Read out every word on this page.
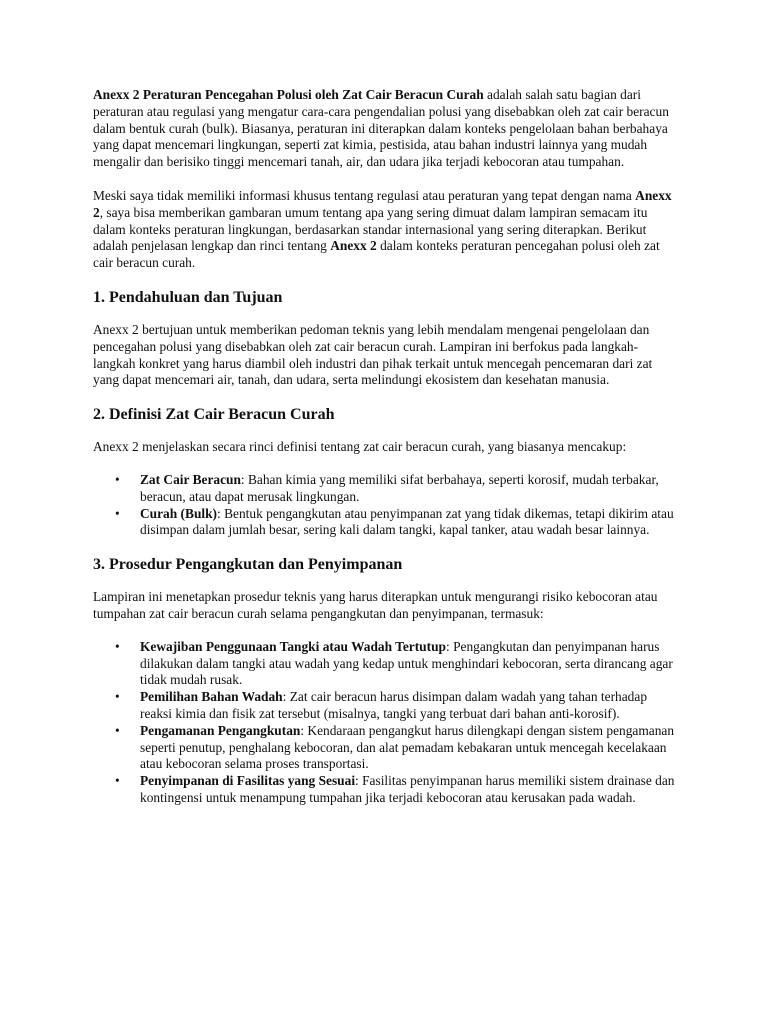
Anexx 2 Peraturan Pencegahan Polusi oleh Zat Cair Beracun Curah adalah salah satu bagian dari peraturan atau regulasi yang mengatur cara-cara pengendalian polusi yang disebabkan oleh zat cair beracun dalam bentuk curah (bulk). Biasanya, peraturan ini diterapkan dalam konteks pengelolaan bahan berbahaya yang dapat mencemari lingkungan, seperti zat kimia, pestisida, atau bahan industri lainnya yang mudah mengalir dan berisiko tinggi mencemari tanah, air, dan udara jika terjadi kebocoran atau tumpahan.

Meski saya tidak memiliki informasi khusus tentang regulasi atau peraturan yang tepat dengan nama Anexx 2, saya bisa memberikan gambaran umum tentang apa yang sering dimuat dalam lampiran semacam itu dalam konteks peraturan lingkungan, berdasarkan standar internasional yang sering diterapkan. Berikut adalah penjelasan lengkap dan rinci tentang Anexx 2 dalam konteks peraturan pencegahan polusi oleh zat cair beracun curah.

1. Pendahuluan dan Tujuan

Anexx 2 bertujuan untuk memberikan pedoman teknis yang lebih mendalam mengenai pengelolaan dan pencegahan polusi yang disebabkan oleh zat cair beracun curah. Lampiran ini berfokus pada langkah-langkah konkret yang harus diambil oleh industri dan pihak terkait untuk mencegah pencemaran dari zat yang dapat mencemari air, tanah, dan udara, serta melindungi ekosistem dan kesehatan manusia.

2. Definisi Zat Cair Beracun Curah

Anexx 2 menjelaskan secara rinci definisi tentang zat cair beracun curah, yang biasanya mencakup:

• Zat Cair Beracun: Bahan kimia yang memiliki sifat berbahaya, seperti korosif, mudah terbakar, beracun, atau dapat merusak lingkungan.
• Curah (Bulk): Bentuk pengangkutan atau penyimpanan zat yang tidak dikemas, tetapi dikirim atau disimpan dalam jumlah besar, sering kali dalam tangki, kapal tanker, atau wadah besar lainnya.
3. Prosedur Pengangkutan dan Penyimpanan

Lampiran ini menetapkan prosedur teknis yang harus diterapkan untuk mengurangi risiko kebocoran atau tumpahan zat cair beracun curah selama pengangkutan dan penyimpanan, termasuk:

• Kewajiban Penggunaan Tangki atau Wadah Tertutup: Pengangkutan dan penyimpanan harus dilakukan dalam tangki atau wadah yang kedap untuk menghindari kebocoran, serta dirancang agar tidak mudah rusak.
• Pemilihan Bahan Wadah: Zat cair beracun harus disimpan dalam wadah yang tahan terhadap reaksi kimia dan fisik zat tersebut (misalnya, tangki yang terbuat dari bahan anti-korosif).
• Pengamanan Pengangkutan: Kendaraan pengangkut harus dilengkapi dengan sistem pengamanan seperti penutup, penghalang kebocoran, dan alat pemadam kebakaran untuk mencegah kecelakaan atau kebocoran selama proses transportasi.
• Penyimpanan di Fasilitas yang Sesuai: Fasilitas penyimpanan harus memiliki sistem drainase dan kontingensi untuk menampung tumpahan jika terjadi kebocoran atau kerusakan pada wadah.
